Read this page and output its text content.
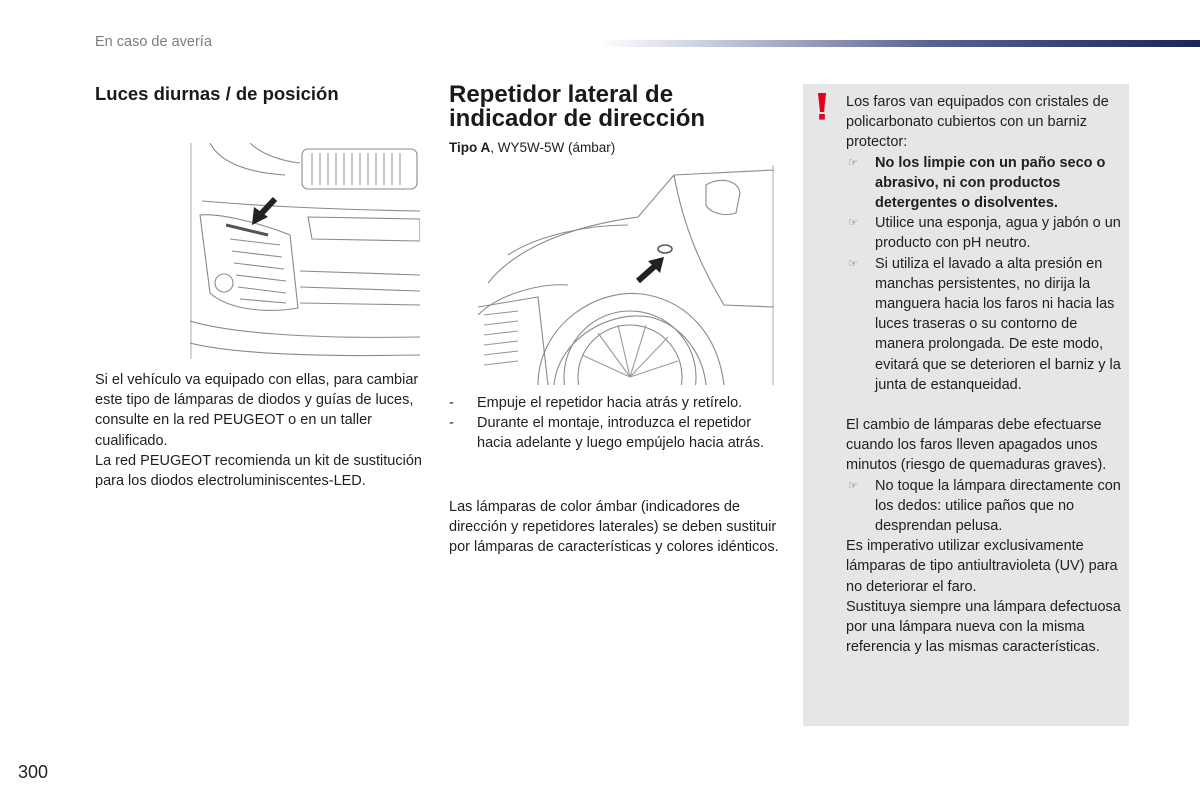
En caso de avería
Luces diurnas / de posición

Si el vehículo va equipado con ellas, para cambiar este tipo de lámparas de diodos y guías de luces, consulte en la red PEUGEOT o en un taller cualificado.

La red PEUGEOT recomienda un kit de sustitución para los diodos electroluminiscentes-LED.

Repetidor lateral de indicador de dirección
Tipo A, WY5W-5W (ámbar)
- Empuje el repetidor hacia atrás y retírelo.
- Durante el montaje, introduzca el repetidor hacia adelante y luego empújelo hacia atrás.

Las lámparas de color ámbar (indicadores de dirección y repetidores laterales) se deben sustituir por lámparas de características y colores idénticos.

Los faros van equipados con cristales de policarbonato cubiertos con un barniz protector:

☞ No los limpie con un paño seco o abrasivo, ni con productos detergentes o disolventes.

☞ Utilice una esponja, agua y jabón o un producto con pH neutro.

☞ Si utiliza el lavado a alta presión en manchas persistentes, no dirija la manguera hacia los faros ni hacia las luces traseras o su contorno de manera prolongada. De este modo, evitará que se deterioren el barniz y la junta de estanqueidad.

El cambio de lámparas debe efectuarse cuando los faros lleven apagados unos minutos (riesgo de quemaduras graves).

☞ No toque la lámpara directamente con los dedos: utilice paños que no desprendan pelusa.

Es imperativo utilizar exclusivamente lámparas de tipo antiultravioleta (UV) para no deteriorar el faro.

Sustituya siempre una lámpara defectuosa por una lámpara nueva con la misma referencia y las mismas características.

300
